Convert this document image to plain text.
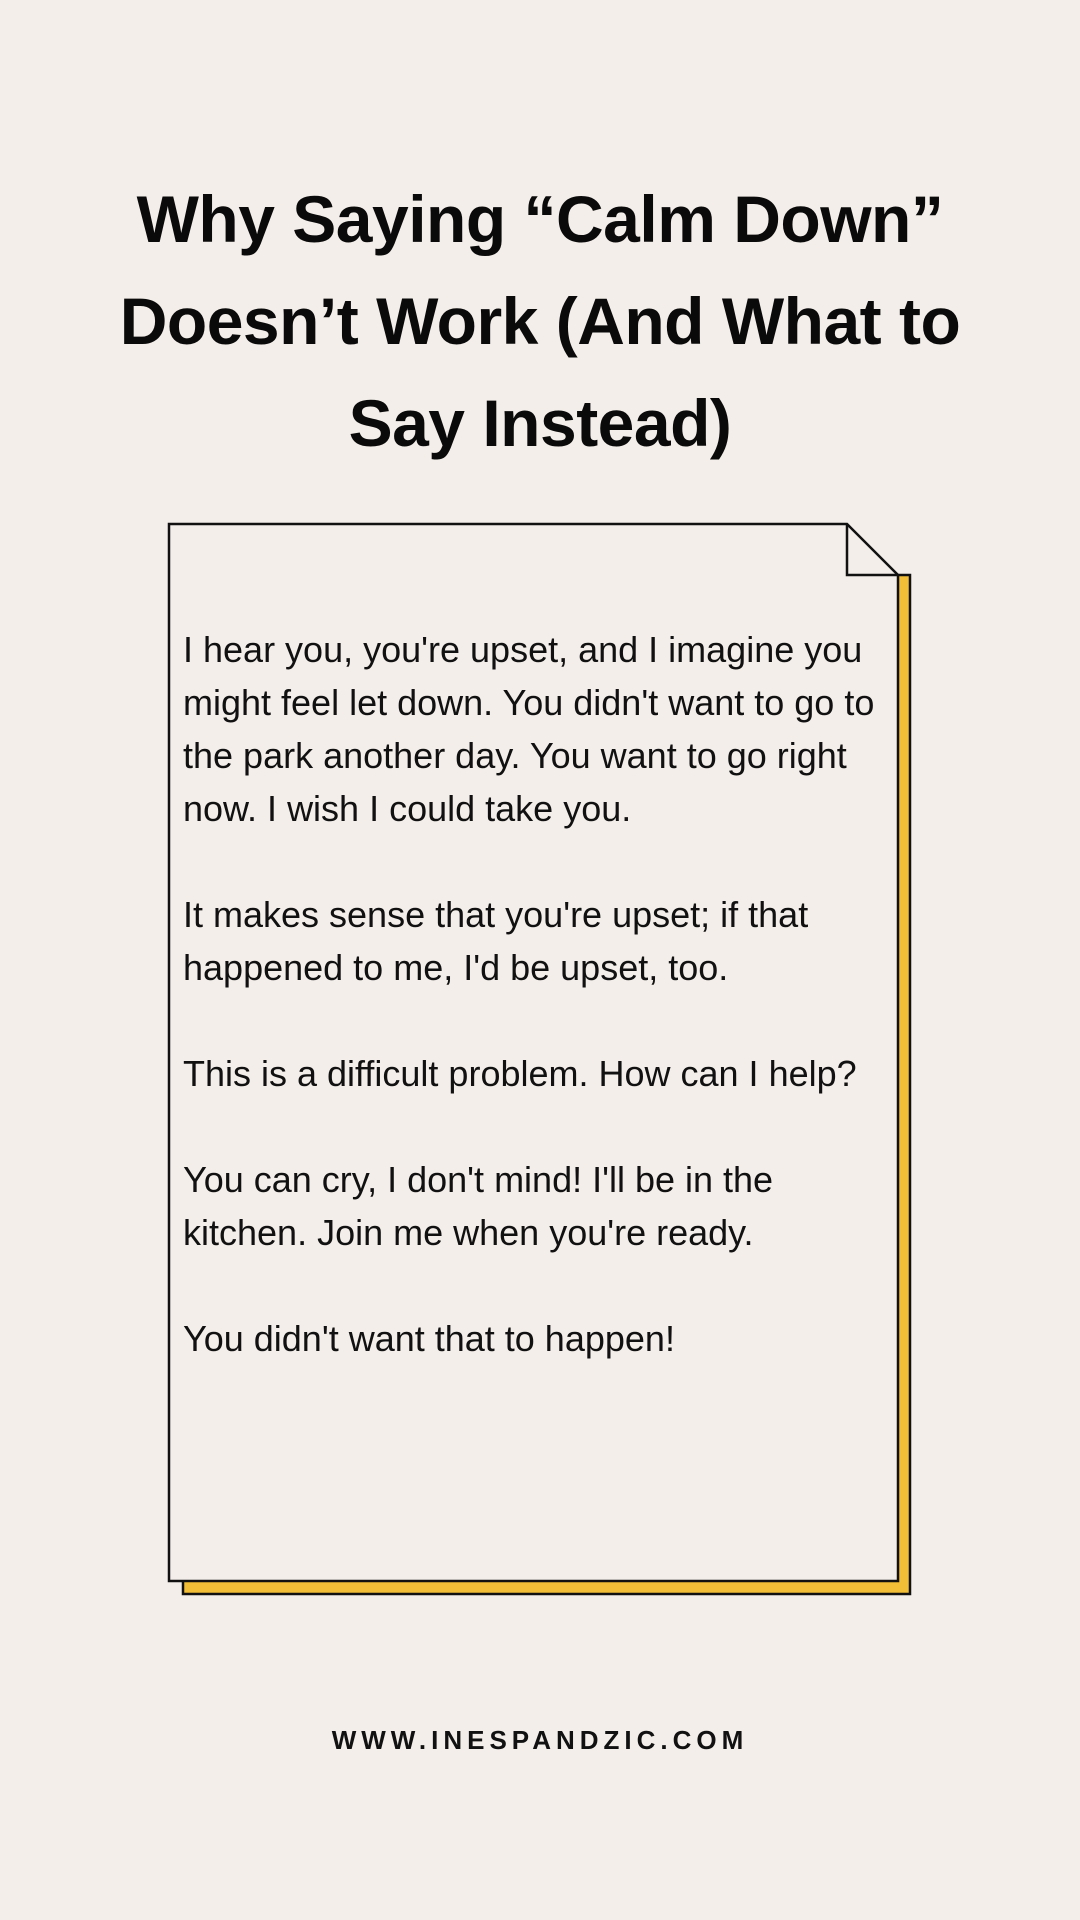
Why Saying “Calm Down”
Doesn’t Work (And What to
Say Instead)

I hear you, you're upset, and I imagine you might feel let down. You didn't want to go to the park another day. You want to go right now. I wish I could take you.

It makes sense that you're upset; if that happened to me, I'd be upset, too.

This is a difficult problem. How can I help?

You can cry, I don't mind! I'll be in the kitchen. Join me when you're ready.

You didn't want that to happen!

WWW.INESPANDZIC.COM
